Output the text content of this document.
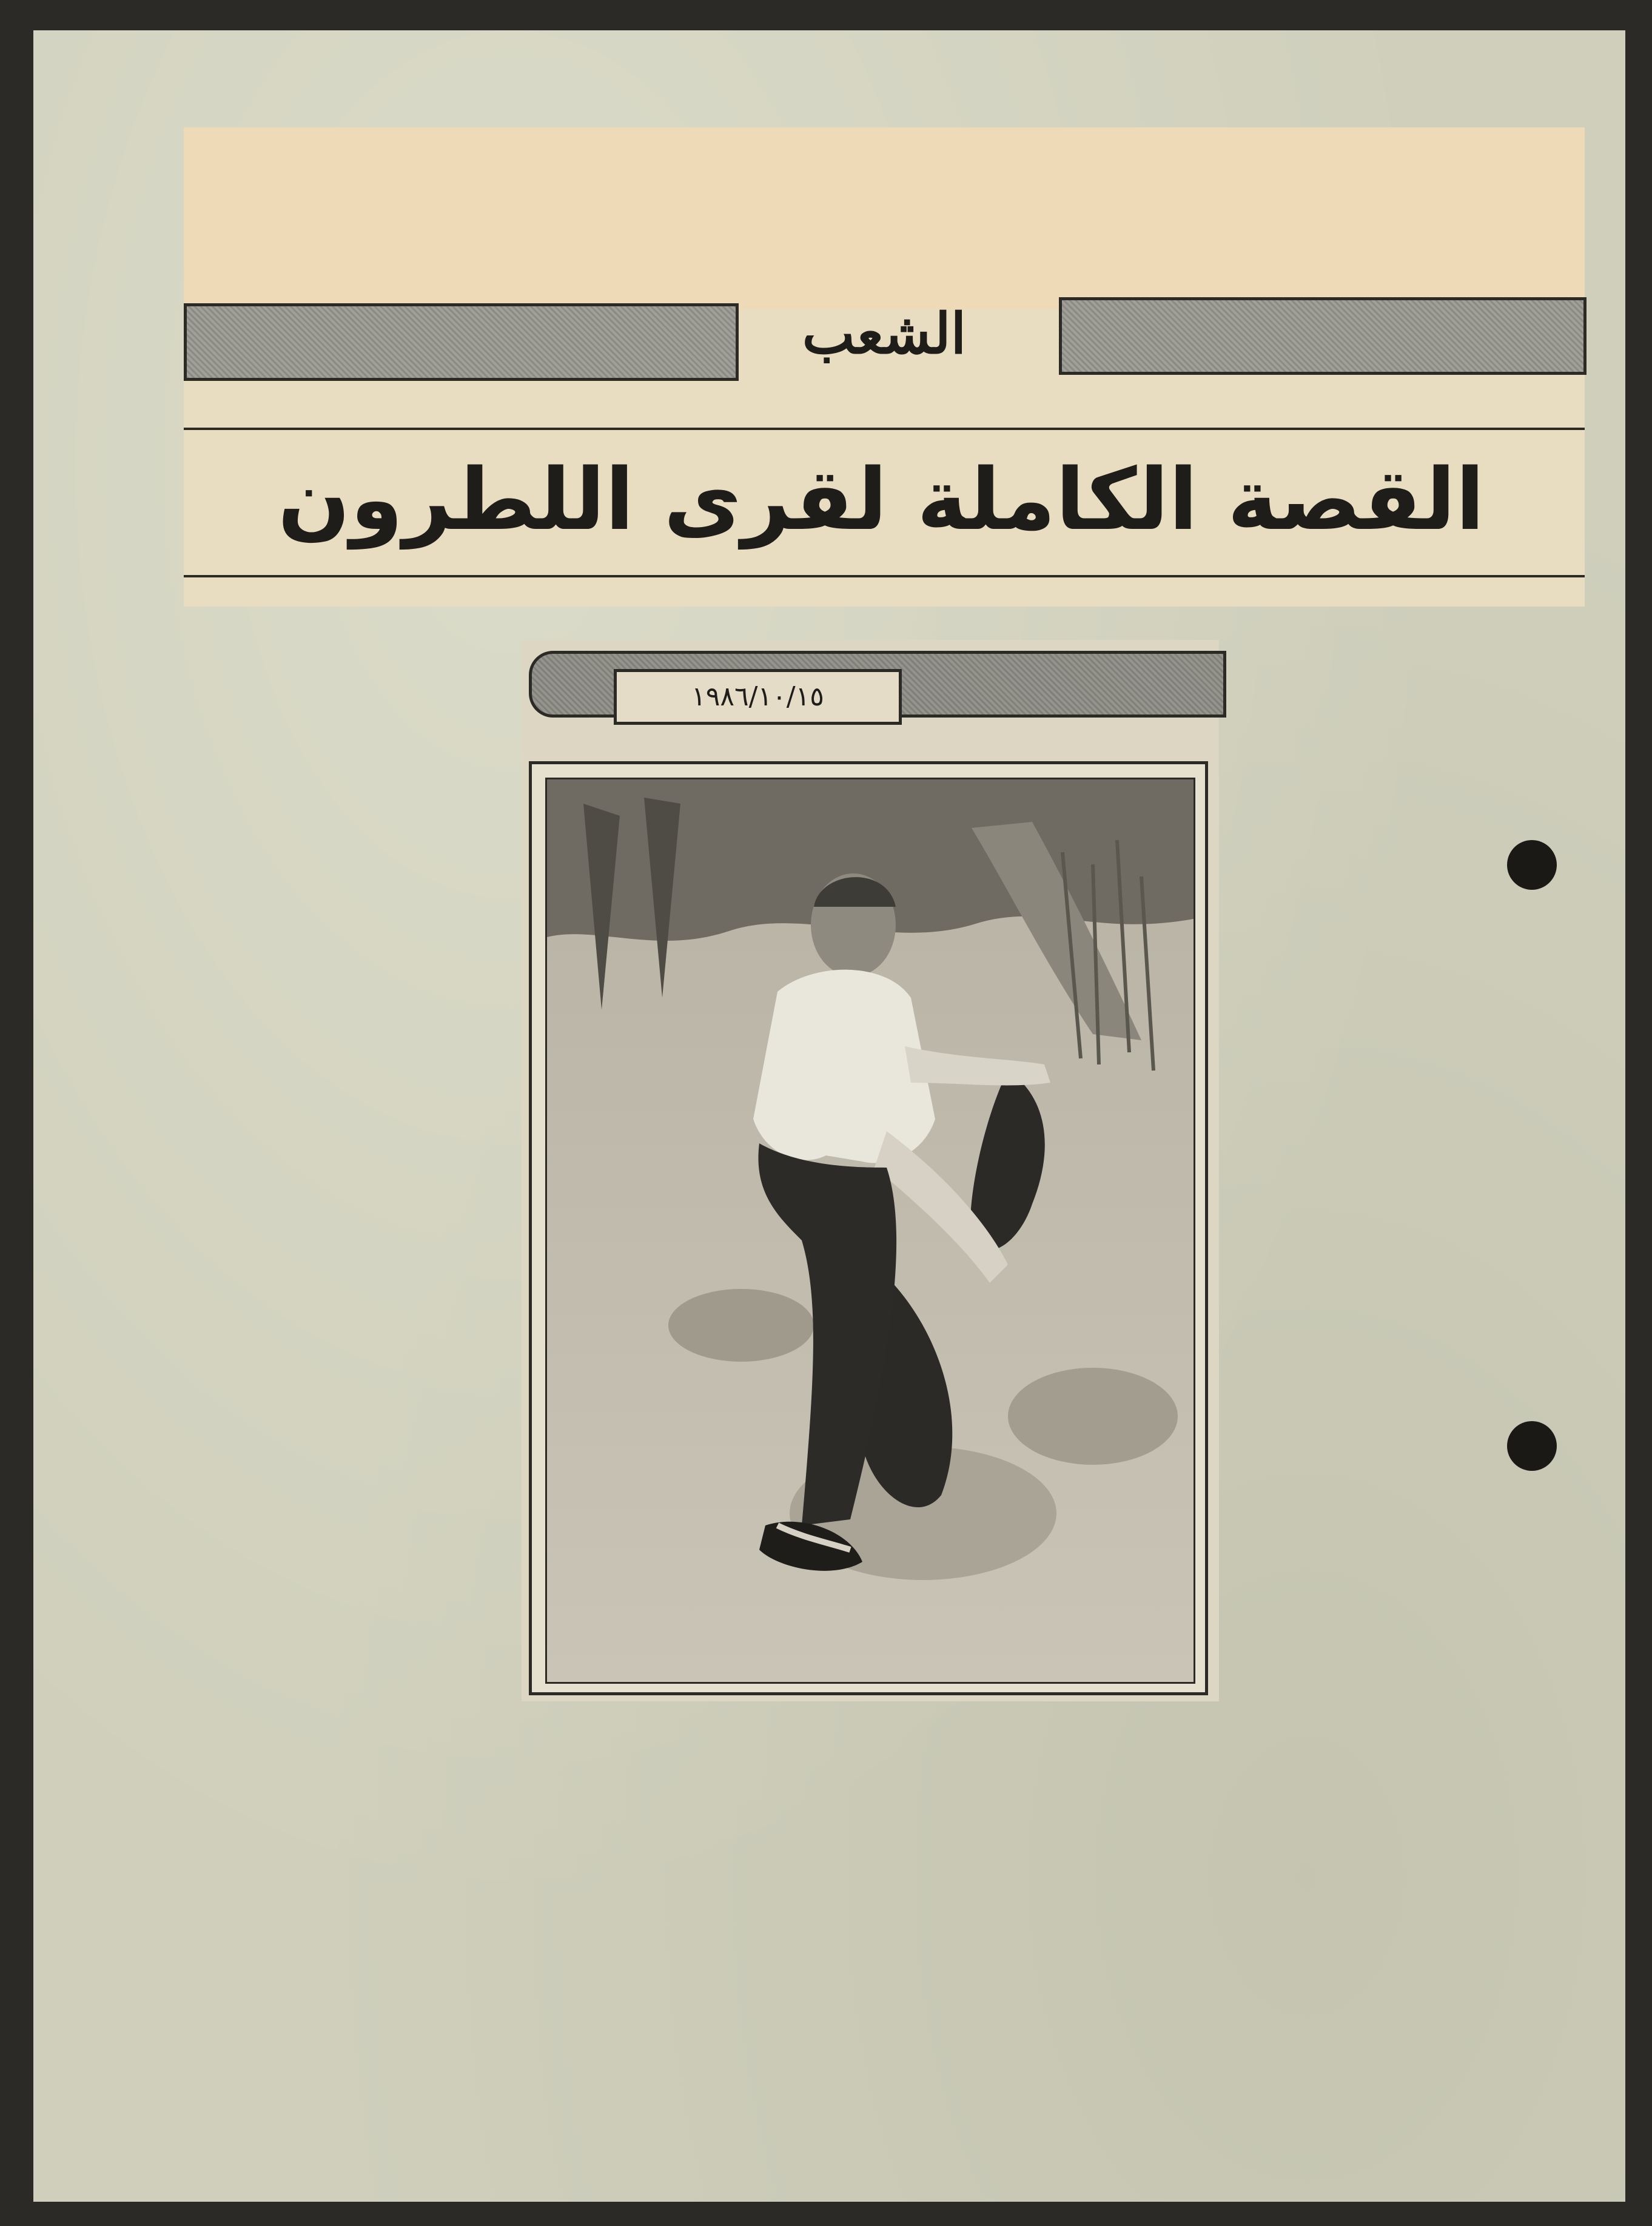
الشعب
القصة الكاملة لقرى اللطرون
١٩٨٦/١٠/١٥
